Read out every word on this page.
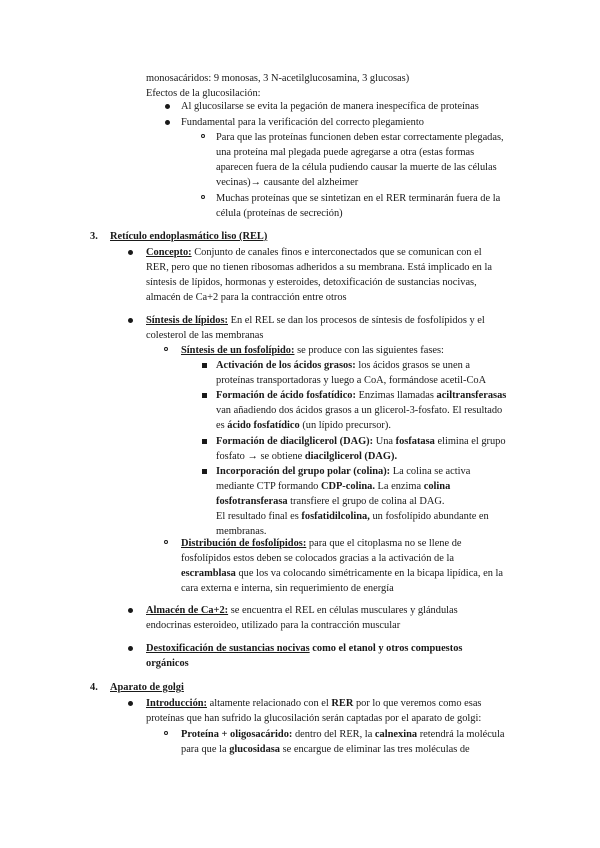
monosacáridos: 9 monosas, 3 N-acetilglucosamina, 3 glucosas)
Efectos de la glucosilación:
Al glucosilarse se evita la pegación de manera inespecífica de proteínas
Fundamental para la verificación del correcto plegamiento
Para que las proteínas funcionen deben estar correctamente plegadas,
una proteína mal plegada puede agregarse a otra (estas formas
aparecen fuera de la célula pudiendo causar la muerte de las células
vecinas)→ causante del alzheimer
Muchas proteínas que se sintetizan en el RER terminarán fuera de la
célula (proteínas de secreción)
3. Retículo endoplasmático liso (REL)
Concepto: Conjunto de canales finos e interconectados que se comunican con el
RER, pero que no tienen ribosomas adheridos a su membrana. Está implicado en la
síntesis de lípidos, hormonas y esteroides, detoxificación de sustancias nocivas,
almacén de Ca+2 para la contracción entre otros
Síntesis de lípidos: En el REL se dan los procesos de síntesis de fosfolípidos y el
colesterol de las membranas
Síntesis de un fosfolípido: se produce con las siguientes fases:
Activación de los ácidos grasos: los ácidos grasos se unen a
proteínas transportadoras y luego a CoA, formándose acetil-CoA
Formación de ácido fosfatídico: Enzimas llamadas aciltransferasas
van añadiendo dos ácidos grasos a un glicerol-3-fosfato. El resultado
es ácido fosfatídico (un lípido precursor).
Formación de diacilglicerol (DAG): Una fosfatasa elimina el grupo
fosfato → se obtiene diacilglicerol (DAG).
Incorporación del grupo polar (colina): La colina se activa
mediante CTP formando CDP-colina. La enzima colina
fosfotransferasa transfiere el grupo de colina al DAG.
El resultado final es fosfatidilcolina, un fosfolípido abundante en
membranas.
Distribución de fosfolípidos: para que el citoplasma no se llene de
fosfolípidos estos deben se colocados gracias a la activación de la
escramblasa que los va colocando simétricamente en la bicapa lipídica, en la
cara externa e interna, sin requerimiento de energía
Almacén de Ca+2: se encuentra el REL en células musculares y glándulas
endocrinas esteroideo, utilizado para la contracción muscular
Destoxificación de sustancias nocivas como el etanol y otros compuestos
orgánicos
4. Aparato de golgi
Introducción: altamente relacionado con el RER por lo que veremos como esas
proteínas que han sufrido la glucosilación serán captadas por el aparato de golgi:
Proteína + oligosacárido: dentro del RER, la calnexina retendrá la molécula
para que la glucosidasa se encargue de eliminar las tres moléculas de
